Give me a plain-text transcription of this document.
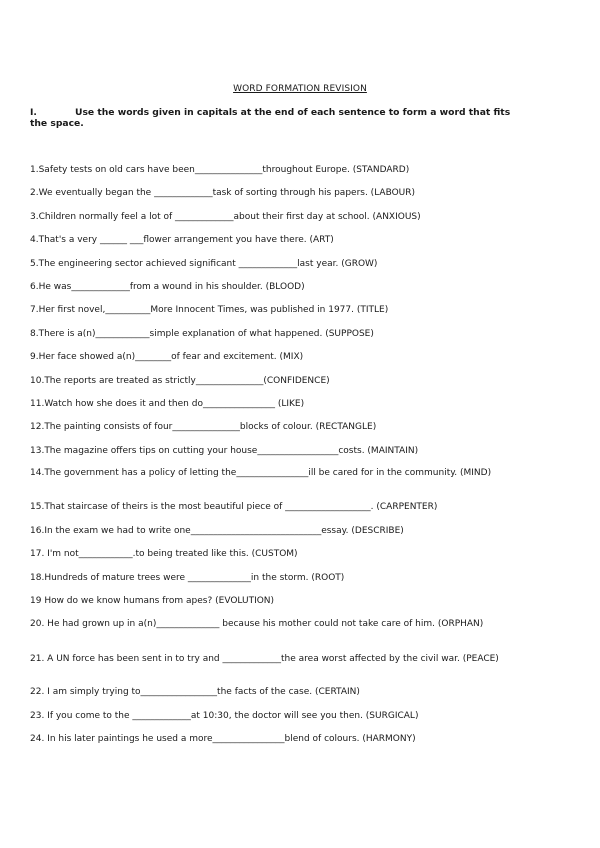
WORD FORMATION REVISION
I.	Use the words given in capitals at the end of each sentence to form a word that fits the space.
1.Safety tests on old cars have been_______________throughout Europe. (STANDARD)
2.We eventually began the _____________task of sorting through his papers. (LABOUR)
3.Children normally feel a lot of _____________about their first day at school. (ANXIOUS)
4.That's a very ______ ___flower arrangement you have there. (ART)
5.The engineering sector achieved significant _____________last year. (GROW)
6.He was_____________from a wound in his shoulder. (BLOOD)
7.Her first novel,__________More Innocent Times, was published in 1977. (TITLE)
8.There is a(n)____________simple explanation of what happened. (SUPPOSE)
9.Her face showed a(n)________of fear and excitement. (MIX)
10.The reports are treated as strictly_______________(CONFIDENCE)
11.Watch how she does it and then do________________ (LIKE)
12.The painting consists of four_______________blocks of colour. (RECTANGLE)
13.The magazine offers tips on cutting your house__________________costs. (MAINTAIN)
14.The government has a policy of letting the________________ill be cared for in the community. (MIND)
15.That staircase of theirs is the most beautiful piece of ___________________. (CARPENTER)
16.In the exam we had to write one_____________________________essay. (DESCRIBE)
17. I'm not____________.to being treated like this. (CUSTOM)
18.Hundreds of mature trees were ______________in the storm. (ROOT)
19 How do we know humans from apes? (EVOLUTION)
20. He had grown up in a(n)______________ because his mother could not take care of him. (ORPHAN)
21. A UN force has been sent in to try and _____________the area worst affected by the civil war. (PEACE)
22. I am simply trying to_________________the facts of the case. (CERTAIN)
23. If you come to the _____________at 10:30, the doctor will see you then. (SURGICAL)
24. In his later paintings he used a more________________blend of colours. (HARMONY)
